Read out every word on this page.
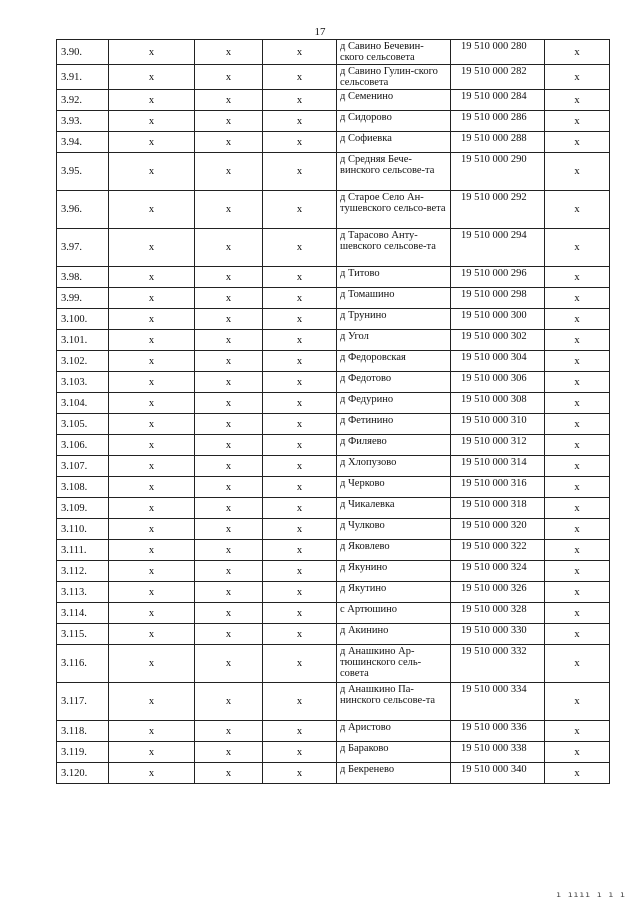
17
3.90.	x	x	x	д Савино Бечевин-ского сельсовета	19 510 000 280	x
3.91.	x	x	x	д Савино Гулин-ского сельсовета	19 510 000 282	x
3.92.	x	x	x	д Семенино	19 510 000 284	x
3.93.	x	x	x	д Сидорово	19 510 000 286	x
3.94.	x	x	x	д Софиевка	19 510 000 288	x
3.95.	x	x	x	д Средняя Бече-винского сельсове-та	19 510 000 290	x
3.96.	x	x	x	д Старое Село Ан-тушевского сельсо-вета	19 510 000 292	x
3.97.	x	x	x	д Тарасово Анту-шевского сельсове-та	19 510 000 294	x
3.98.	x	x	x	д Титово	19 510 000 296	x
3.99.	x	x	x	д Томашино	19 510 000 298	x
3.100.	x	x	x	д Трунино	19 510 000 300	x
3.101.	x	x	x	д Угол	19 510 000 302	x
3.102.	x	x	x	д Федоровская	19 510 000 304	x
3.103.	x	x	x	д Федотово	19 510 000 306	x
3.104.	x	x	x	д Федурино	19 510 000 308	x
3.105.	x	x	x	д Фетинино	19 510 000 310	x
3.106.	x	x	x	д Филяево	19 510 000 312	x
3.107.	x	x	x	д Хлопузово	19 510 000 314	x
3.108.	x	x	x	д Черково	19 510 000 316	x
3.109.	x	x	x	д Чикалевка	19 510 000 318	x
3.110.	x	x	x	д Чулково	19 510 000 320	x
3.111.	x	x	x	д Яковлево	19 510 000 322	x
3.112.	x	x	x	д Якунино	19 510 000 324	x
3.113.	x	x	x	д Якутино	19 510 000 326	x
3.114.	x	x	x	с Артюшино	19 510 000 328	x
3.115.	x	x	x	д Акинино	19 510 000 330	x
3.116.	x	x	x	д Анашкино Ар-тюшинского сель-совета	19 510 000 332	x
3.117.	x	x	x	д Анашкино Па-нинского сельсове-та	19 510 000 334	x
3.118.	x	x	x	д Аристово	19 510 000 336	x
3.119.	x	x	x	д Бараково	19 510 000 338	x
3.120.	x	x	x	д Бекренево	19 510 000 340	x
ı ıııı ı ı ı
